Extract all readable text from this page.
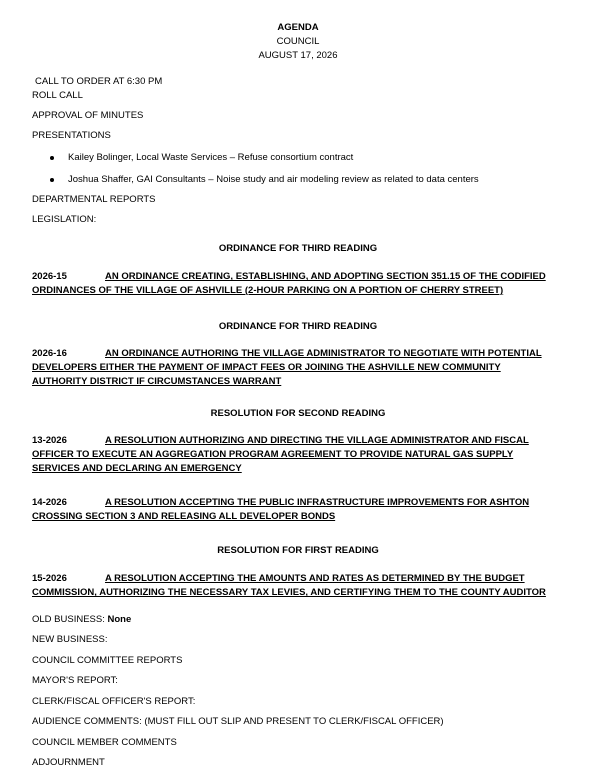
AGENDA
COUNCIL
AUGUST 17, 2026
CALL TO ORDER AT 6:30 PM
ROLL CALL
APPROVAL OF MINUTES
PRESENTATIONS
Kailey Bolinger, Local Waste Services – Refuse consortium contract
Joshua Shaffer, GAI Consultants – Noise study and air modeling review as related to data centers
DEPARTMENTAL REPORTS
LEGISLATION:
ORDINANCE FOR THIRD READING
2026-15	AN ORDINANCE CREATING, ESTABLISHING, AND ADOPTING SECTION 351.15 OF THE CODIFIED ORDINANCES OF THE VILLAGE OF ASHVILLE (2-HOUR PARKING ON A PORTION OF CHERRY STREET)
ORDINANCE FOR THIRD READING
2026-16	AN ORDINANCE AUTHORING THE VILLAGE ADMINISTRATOR TO NEGOTIATE WITH POTENTIAL DEVELOPERS EITHER THE PAYMENT OF IMPACT FEES OR JOINING THE ASHVILLE NEW COMMUNITY AUTHORITY DISTRICT IF CIRCUMSTANCES WARRANT
RESOLUTION FOR SECOND READING
13-2026	A RESOLUTION AUTHORIZING AND DIRECTING THE VILLAGE ADMINISTRATOR AND FISCAL OFFICER TO EXECUTE AN AGGREGATION PROGRAM AGREEMENT TO PROVIDE NATURAL GAS SUPPLY SERVICES AND DECLARING AN EMERGENCY
14-2026	A RESOLUTION ACCEPTING THE PUBLIC INFRASTRUCTURE IMPROVEMENTS FOR ASHTON CROSSING SECTION 3 AND RELEASING ALL DEVELOPER BONDS
RESOLUTION FOR FIRST READING
15-2026	A RESOLUTION ACCEPTING THE AMOUNTS AND RATES AS DETERMINED BY THE BUDGET COMMISSION, AUTHORIZING THE NECESSARY TAX LEVIES, AND CERTIFYING THEM TO THE COUNTY AUDITOR
OLD BUSINESS: None
NEW BUSINESS:
COUNCIL COMMITTEE REPORTS
MAYOR'S REPORT:
CLERK/FISCAL OFFICER'S REPORT:
AUDIENCE COMMENTS: (MUST FILL OUT SLIP AND PRESENT TO CLERK/FISCAL OFFICER)
COUNCIL MEMBER COMMENTS
ADJOURNMENT
